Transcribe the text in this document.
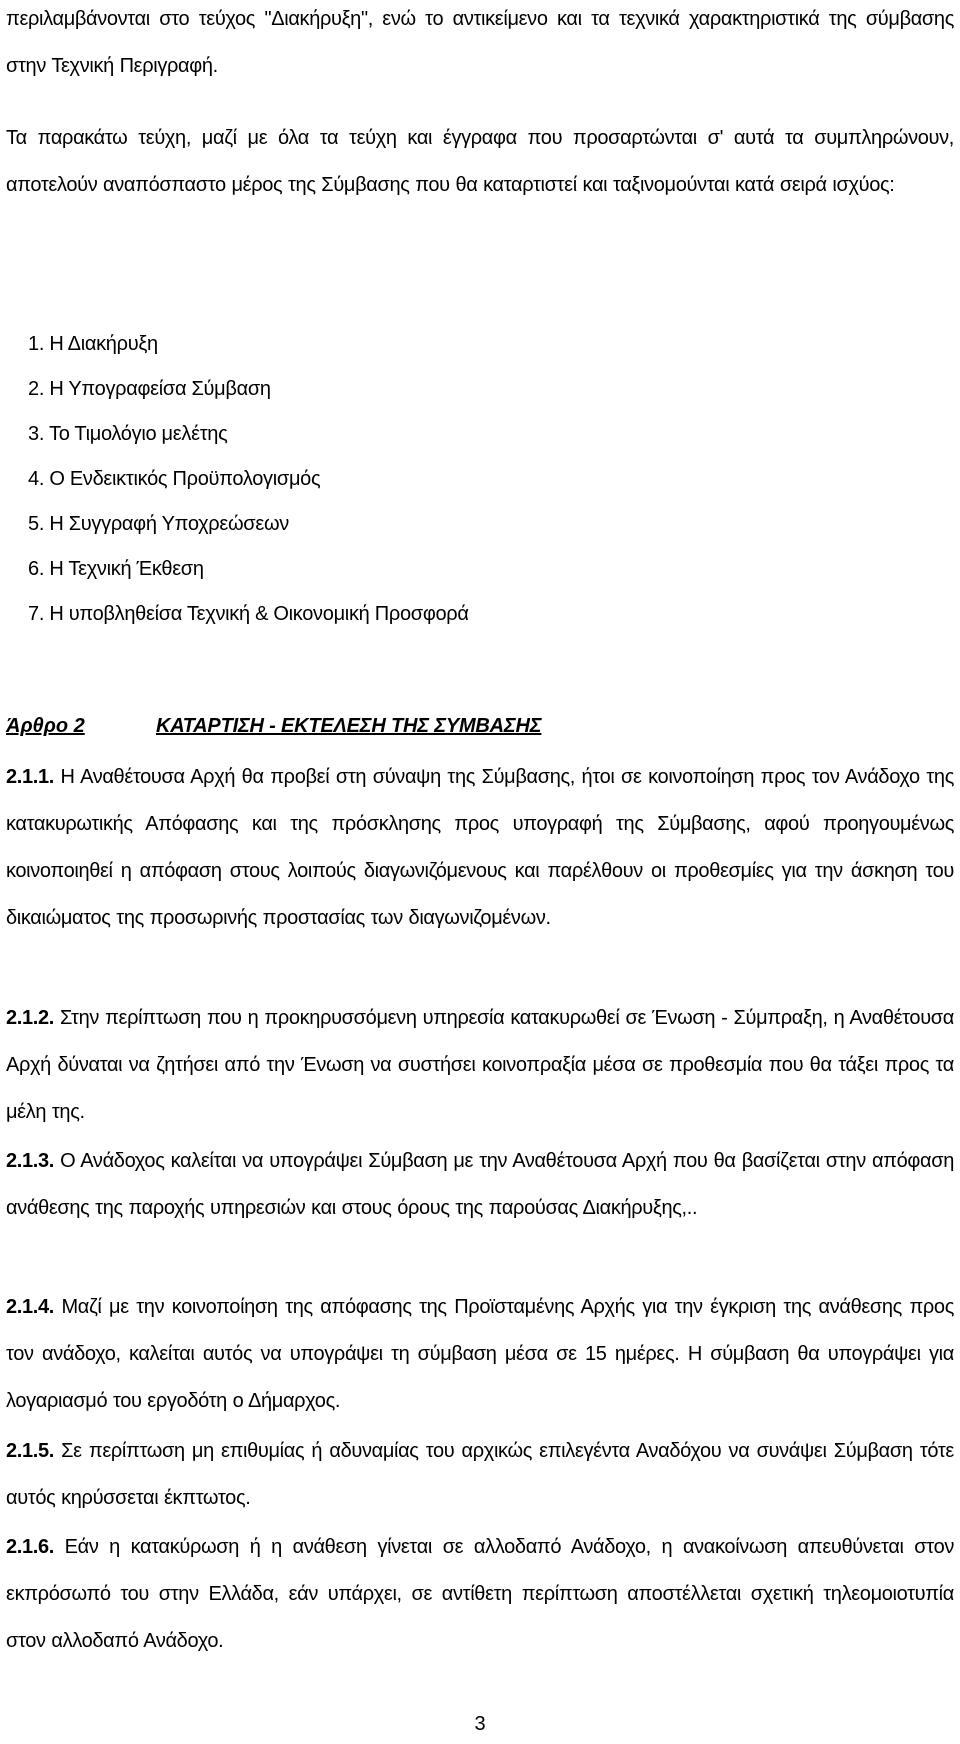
περιλαμβάνονται στο τεύχος "Διακήρυξη", ενώ το αντικείμενο και τα τεχνικά χαρακτηριστικά της σύμβασης στην Τεχνική Περιγραφή.

Τα παρακάτω τεύχη, μαζί με όλα τα τεύχη και έγγραφα που προσαρτώνται σ' αυτά τα συμπληρώνουν, αποτελούν αναπόσπαστο μέρος της Σύμβασης που θα καταρτιστεί και ταξινομούνται κατά σειρά ισχύος:

1. Η Διακήρυξη
2. Η Υπογραφείσα Σύμβαση
3. Το Τιμολόγιο μελέτης
4. Ο Ενδεικτικός Προϋπολογισμός
5. Η Συγγραφή Υποχρεώσεων
6. Η Τεχνική Έκθεση
7. Η υποβληθείσα Τεχνική & Οικονομική Προσφορά
Άρθρο 2	ΚΑΤΑΡΤΙΣΗ - ΕΚΤΕΛΕΣΗ ΤΗΣ ΣΥΜΒΑΣΗΣ

2.1.1. Η Αναθέτουσα Αρχή θα προβεί στη σύναψη της Σύμβασης, ήτοι σε κοινοποίηση προς τον Ανάδοχο της κατακυρωτικής Απόφασης και της πρόσκλησης προς υπογραφή της Σύμβασης, αφού προηγουμένως κοινοποιηθεί η απόφαση στους λοιπούς διαγωνιζόμενους και παρέλθουν οι προθεσμίες για την άσκηση του δικαιώματος της προσωρινής προστασίας των διαγωνιζομένων.

2.1.2. Στην περίπτωση που η προκηρυσσόμενη υπηρεσία κατακυρωθεί σε Ένωση - Σύμπραξη, η Αναθέτουσα Αρχή δύναται να ζητήσει από την Ένωση να συστήσει κοινοπραξία μέσα σε προθεσμία που θα τάξει προς τα μέλη της.

2.1.3. Ο Ανάδοχος καλείται να υπογράψει Σύμβαση με την Αναθέτουσα Αρχή που θα βασίζεται στην απόφαση ανάθεσης της παροχής υπηρεσιών και στους όρους της παρούσας Διακήρυξης,..

2.1.4. Μαζί με την κοινοποίηση της απόφασης της Προϊσταμένης Αρχής για την έγκριση της ανάθεσης προς τον ανάδοχο, καλείται αυτός να υπογράψει τη σύμβαση μέσα σε 15 ημέρες. Η σύμβαση θα υπογράψει για λογαριασμό του εργοδότη ο Δήμαρχος.

2.1.5. Σε περίπτωση μη επιθυμίας ή αδυναμίας του αρχικώς επιλεγέντα Αναδόχου να συνάψει Σύμβαση τότε αυτός κηρύσσεται έκπτωτος.

2.1.6. Εάν η κατακύρωση ή η ανάθεση γίνεται σε αλλοδαπό Ανάδοχο, η ανακοίνωση απευθύνεται στον εκπρόσωπό του στην Ελλάδα, εάν υπάρχει, σε αντίθετη περίπτωση αποστέλλεται σχετική τηλεομοιοτυπία στον αλλοδαπό Ανάδοχο.

3
